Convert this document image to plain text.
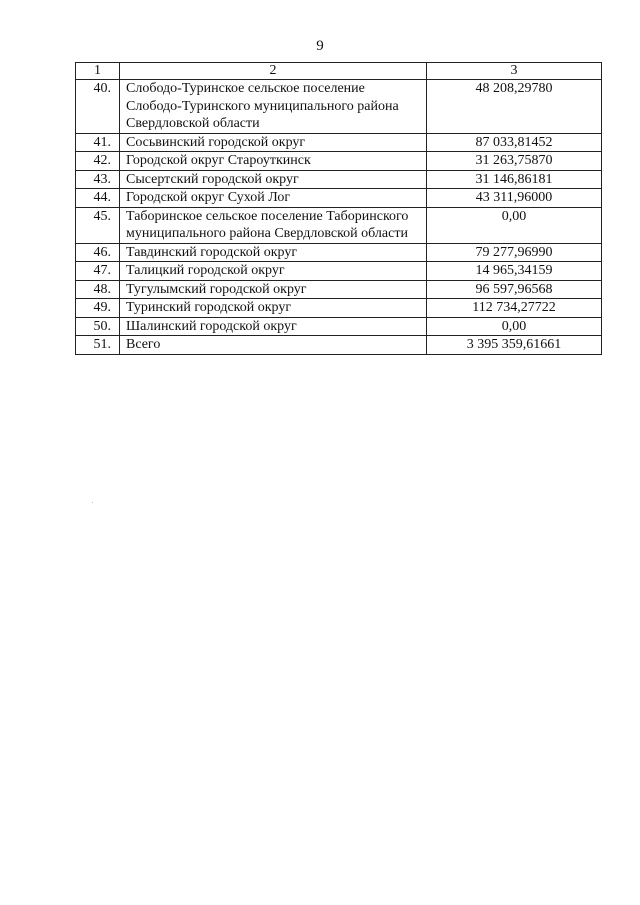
9
1	2	3
40.	Слободо-Туринское сельское поселение Слободо-Туринского муниципального района Свердловской области	48 208,29780
41.	Сосьвинский городской округ	87 033,81452
42.	Городской округ Староуткинск	31 263,75870
43.	Сысертский городской округ	31 146,86181
44.	Городской округ Сухой Лог	43 311,96000
45.	Таборинское сельское поселение Таборинского муниципального района Свердловской области	0,00
46.	Тавдинский городской округ	79 277,96990
47.	Талицкий городской округ	14 965,34159
48.	Тугулымский городской округ	96 597,96568
49.	Туринский городской округ	112 734,27722
50.	Шалинский городской округ	0,00
51.	Всего	3 395 359,61661
